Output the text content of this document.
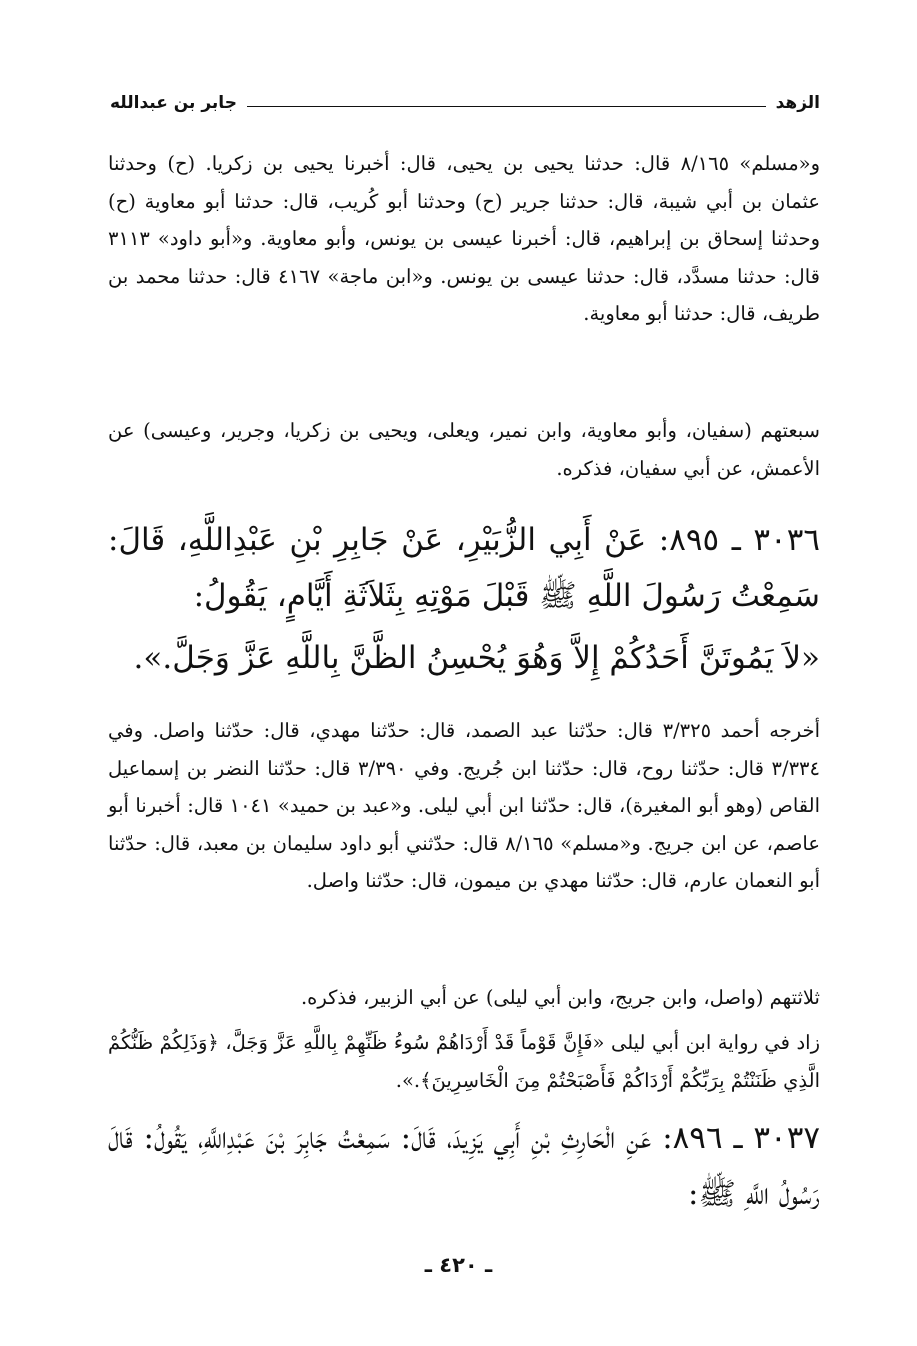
الزهد
جابر بن عبدالله

و«مسلم» ٨/١٦٥ قال: حدثنا يحيى بن يحيى، قال: أخبرنا يحيى بن زكريا. (ح) وحدثنا عثمان بن أبي شيبة، قال: حدثنا جرير (ح) وحدثنا أبو كُريب، قال: حدثنا أبو معاوية (ح) وحدثنا إسحاق بن إبراهيم، قال: أخبرنا عيسى بن يونس، وأبو معاوية. و«أبو داود» ٣١١٣ قال: حدثنا مسدَّد، قال: حدثنا عيسى بن يونس. و«ابن ماجة» ٤١٦٧ قال: حدثنا محمد بن طريف، قال: حدثنا أبو معاوية.

سبعتهم (سفيان، وأبو معاوية، وابن نمير، ويعلى، ويحيى بن زكريا، وجرير، وعيسى) عن الأعمش، عن أبي سفيان، فذكره.

٣٠٣٦ ـ ٨٩٥: عَنْ أَبِي الزُّبَيْرِ، عَنْ جَابِرِ بْنِ عَبْدِاللَّهِ، قَالَ: سَمِعْتُ رَسُولَ اللَّهِ ﷺ قَبْلَ مَوْتِهِ بِثَلاَثَةِ أَيَّامٍ، يَقُولُ:

«لاَ يَمُوتَنَّ أَحَدُكُمْ إِلاَّ وَهُوَ يُحْسِنُ الظَّنَّ بِاللَّهِ عَزَّ وَجَلَّ.».

أخرجه أحمد ٣/٣٢٥ قال: حدّثنا عبد الصمد، قال: حدّثنا مهدي، قال: حدّثنا واصل. وفي ٣/٣٣٤ قال: حدّثنا روح، قال: حدّثنا ابن جُريج. وفي ٣/٣٩٠ قال: حدّثنا النضر بن إسماعيل القاص (وهو أبو المغيرة)، قال: حدّثنا ابن أبي ليلى. و«عبد بن حميد» ١٠٤١ قال: أخبرنا أبو عاصم، عن ابن جريج. و«مسلم» ٨/١٦٥ قال: حدّثني أبو داود سليمان بن معبد، قال: حدّثنا أبو النعمان عارم، قال: حدّثنا مهدي بن ميمون، قال: حدّثنا واصل.

ثلاثتهم (واصل، وابن جريج، وابن أبي ليلى) عن أبي الزبير، فذكره.

زاد في رواية ابن أبي ليلى «فَإِنَّ قَوْماً قَدْ أَرْدَاهُمْ سُوءُ ظَنِّهِمْ بِاللَّهِ عَزَّ وَجَلَّ، ﴿وَذَلِكُمْ ظَنُّكُمْ الَّذِي ظَنَنْتُمْ بِرَبِّكُمْ أَرْدَاكُمْ فَأَصْبَحْتُمْ مِنَ الْخَاسِرِينَ﴾.».

٣٠٣٧ ـ ٨٩٦: عَنِ الْحَارِثِ بْنِ أَبِي يَزِيدَ، قَالَ: سَمِعْتُ جَابِرَ بْنَ عَبْدِاللَّهِ، يَقُولُ: قَالَ رَسُولُ اللَّهِ ﷺ:

ـ ٤٢٠ ـ
